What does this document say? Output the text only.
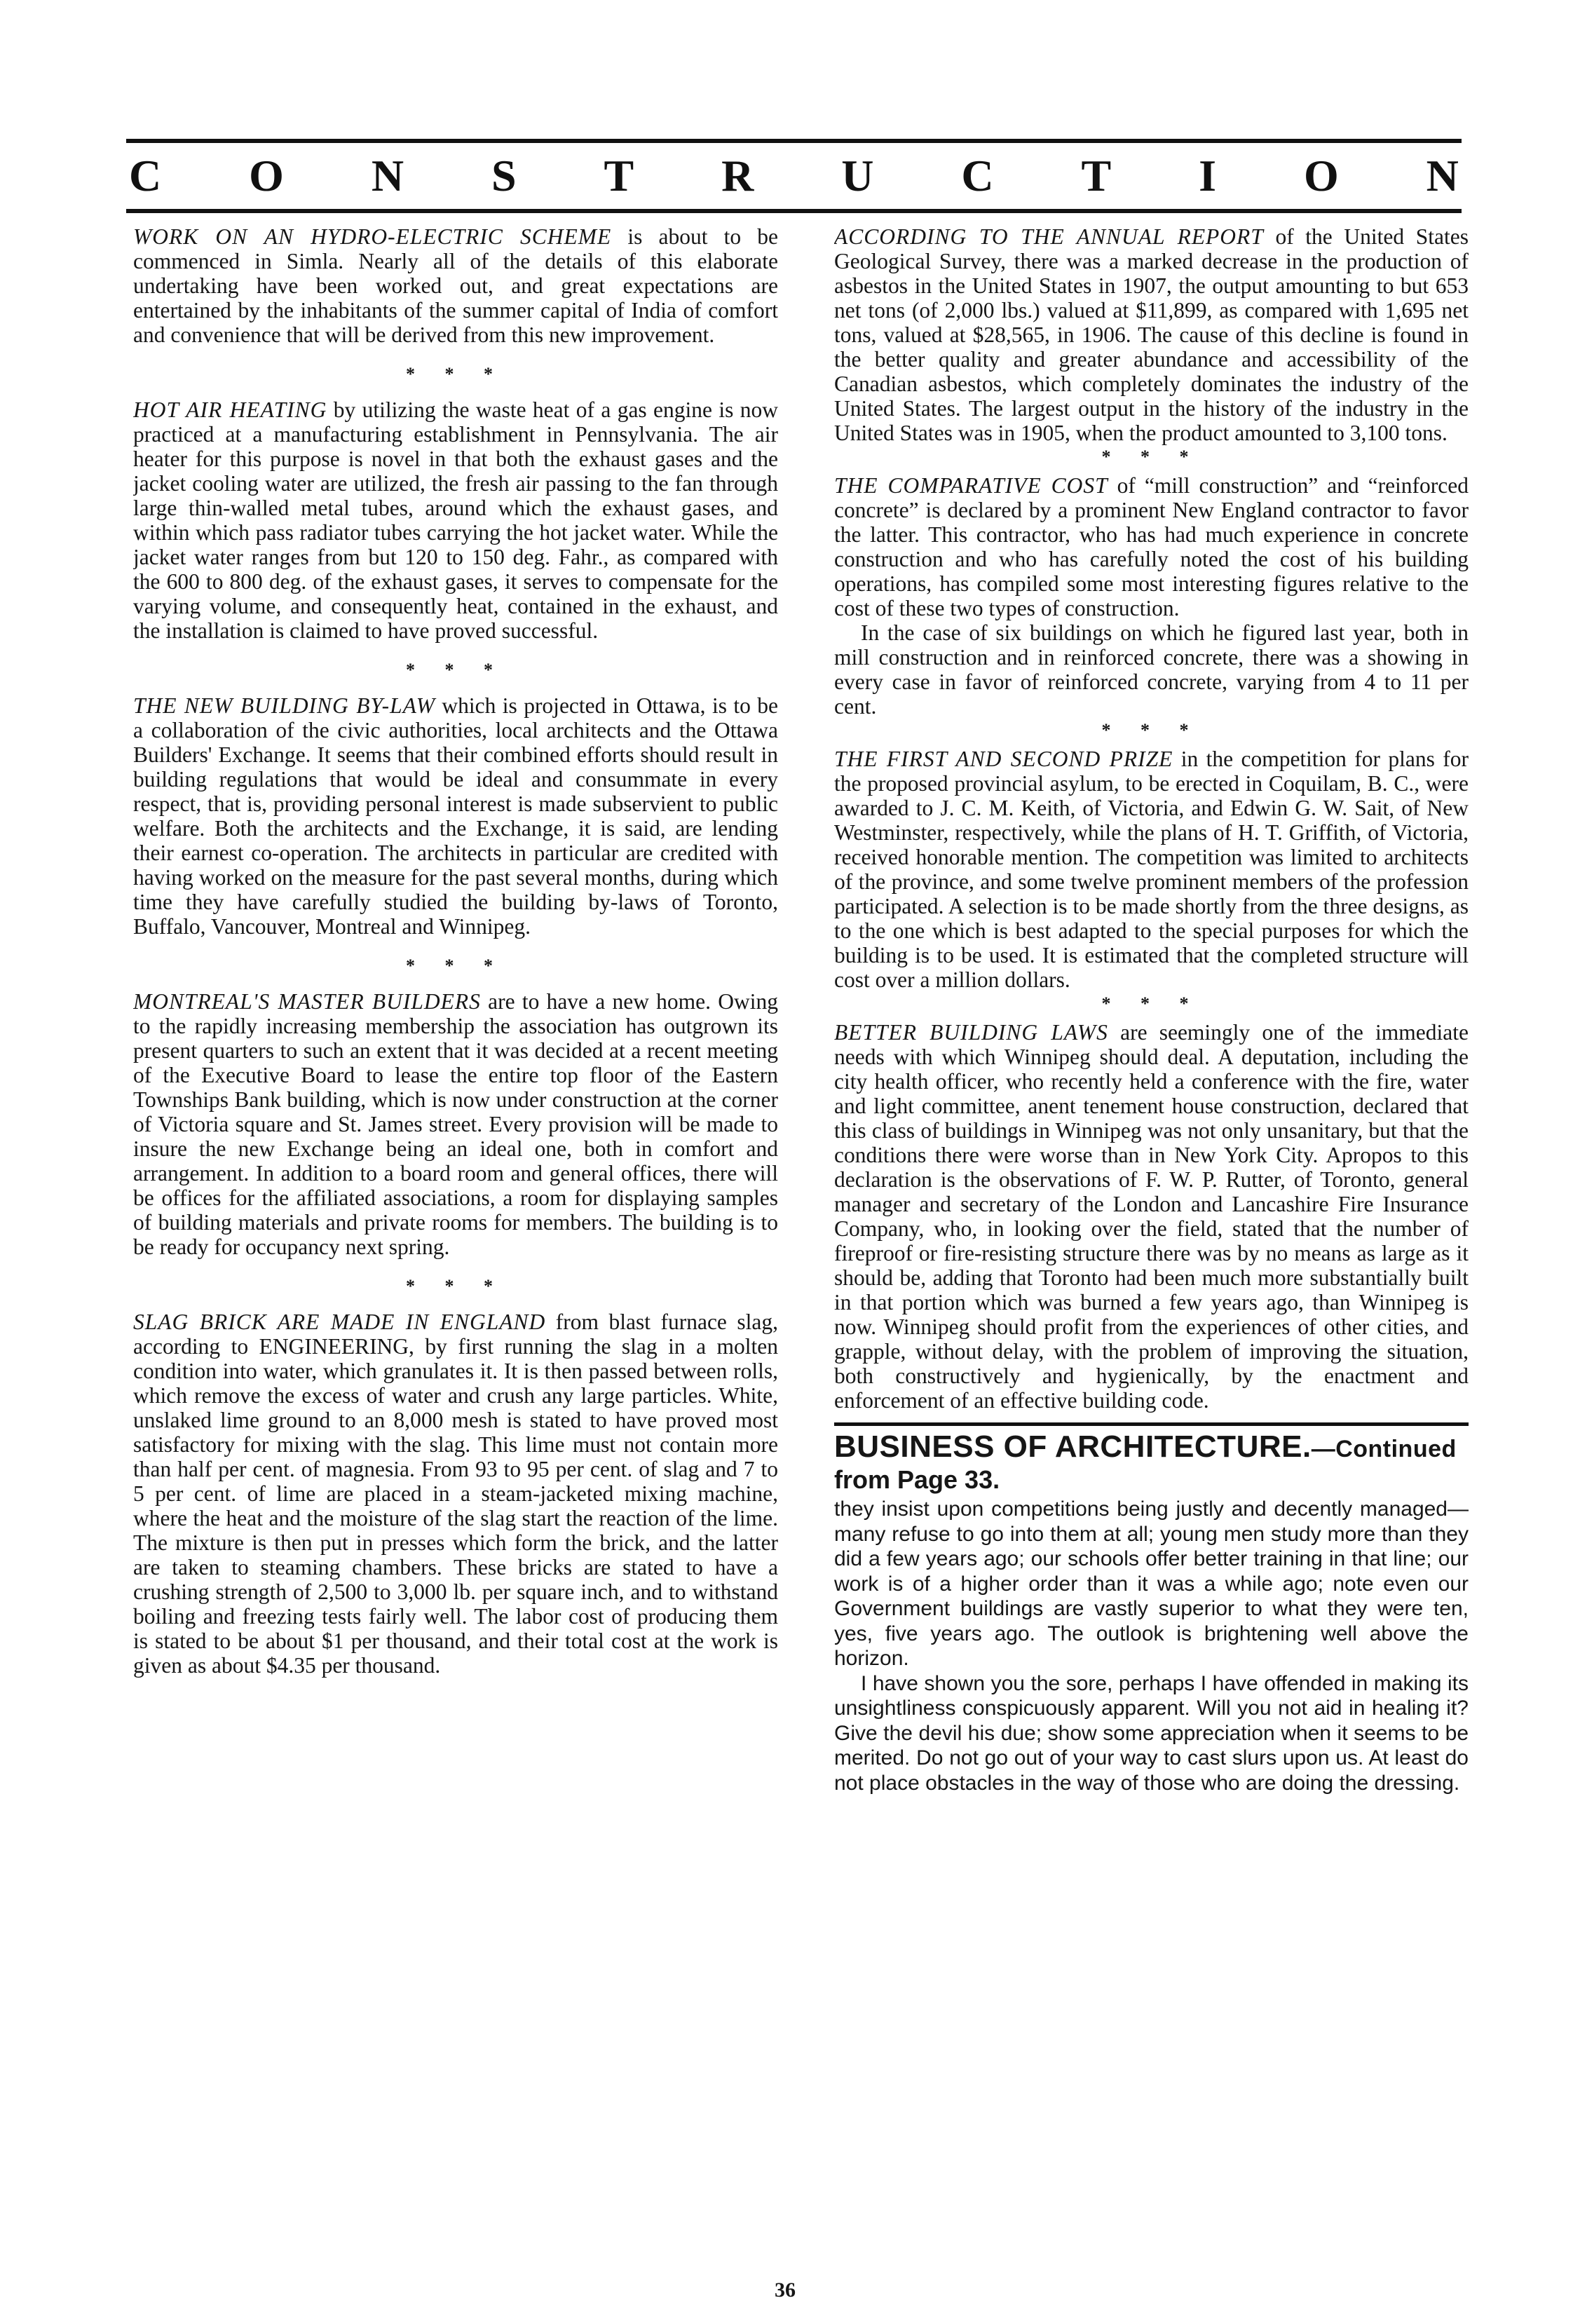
C O N S T R U C T I O N

WORK ON AN HYDRO-ELECTRIC SCHEME is about to be commenced in Simla. Nearly all of the details of this elaborate undertaking have been worked out, and great expectations are entertained by the inhabitants of the summer capital of India of comfort and convenience that will be derived from this new improvement.

* * *

HOT AIR HEATING by utilizing the waste heat of a gas engine is now practiced at a manufacturing establishment in Pennsylvania. The air heater for this purpose is novel in that both the exhaust gases and the jacket cooling water are utilized, the fresh air passing to the fan through large thin-walled metal tubes, around which the exhaust gases, and within which pass radiator tubes carrying the hot jacket water. While the jacket water ranges from but 120 to 150 deg. Fahr., as compared with the 600 to 800 deg. of the exhaust gases, it serves to compensate for the varying volume, and consequently heat, contained in the exhaust, and the installation is claimed to have proved successful.

* * *

THE NEW BUILDING BY-LAW which is projected in Ottawa, is to be a collaboration of the civic authorities, local architects and the Ottawa Builders' Exchange. It seems that their combined efforts should result in building regulations that would be ideal and consummate in every respect, that is, providing personal interest is made subservient to public welfare. Both the architects and the Exchange, it is said, are lending their earnest co-operation. The architects in particular are credited with having worked on the measure for the past several months, during which time they have carefully studied the building by-laws of Toronto, Buffalo, Vancouver, Montreal and Winnipeg.

* * *

MONTREAL'S MASTER BUILDERS are to have a new home. Owing to the rapidly increasing membership the association has outgrown its present quarters to such an extent that it was decided at a recent meeting of the Executive Board to lease the entire top floor of the Eastern Townships Bank building, which is now under construction at the corner of Victoria square and St. James street. Every provision will be made to insure the new Exchange being an ideal one, both in comfort and arrangement. In addition to a board room and general offices, there will be offices for the affiliated associations, a room for displaying samples of building materials and private rooms for members. The building is to be ready for occupancy next spring.

* * *

SLAG BRICK ARE MADE IN ENGLAND from blast furnace slag, according to ENGINEERING, by first running the slag in a molten condition into water, which granulates it. It is then passed between rolls, which remove the excess of water and crush any large particles. White, unslaked lime ground to an 8,000 mesh is stated to have proved most satisfactory for mixing with the slag. This lime must not contain more than half per cent. of magnesia. From 93 to 95 per cent. of slag and 7 to 5 per cent. of lime are placed in a steam-jacketed mixing machine, where the heat and the moisture of the slag start the reaction of the lime. The mixture is then put in presses which form the brick, and the latter are taken to steaming chambers. These bricks are stated to have a crushing strength of 2,500 to 3,000 lb. per square inch, and to withstand boiling and freezing tests fairly well. The labor cost of producing them is stated to be about $1 per thousand, and their total cost at the work is given as about $4.35 per thousand.

ACCORDING TO THE ANNUAL REPORT of the United States Geological Survey, there was a marked decrease in the production of asbestos in the United States in 1907, the output amounting to but 653 net tons (of 2,000 lbs.) valued at $11,899, as compared with 1,695 net tons, valued at $28,565, in 1906. The cause of this decline is found in the better quality and greater abundance and accessibility of the Canadian asbestos, which completely dominates the industry of the United States. The largest output in the history of the industry in the United States was in 1905, when the product amounted to 3,100 tons.

* * *

THE COMPARATIVE COST of “mill construction” and “reinforced concrete” is declared by a prominent New England contractor to favor the latter. This contractor, who has had much experience in concrete construction and who has carefully noted the cost of his building operations, has compiled some most interesting figures relative to the cost of these two types of construction.

In the case of six buildings on which he figured last year, both in mill construction and in reinforced concrete, there was a showing in every case in favor of reinforced concrete, varying from 4 to 11 per cent.

* * *

THE FIRST AND SECOND PRIZE in the competition for plans for the proposed provincial asylum, to be erected in Coquilam, B. C., were awarded to J. C. M. Keith, of Victoria, and Edwin G. W. Sait, of New Westminster, respectively, while the plans of H. T. Griffith, of Victoria, received honorable mention. The competition was limited to architects of the province, and some twelve prominent members of the profession participated. A selection is to be made shortly from the three designs, as to the one which is best adapted to the special purposes for which the building is to be used. It is estimated that the completed structure will cost over a million dollars.

* * *

BETTER BUILDING LAWS are seemingly one of the immediate needs with which Winnipeg should deal. A deputation, including the city health officer, who recently held a conference with the fire, water and light committee, anent tenement house construction, declared that this class of buildings in Winnipeg was not only unsanitary, but that the conditions there were worse than in New York City. Apropos to this declaration is the observations of F. W. P. Rutter, of Toronto, general manager and secretary of the London and Lancashire Fire Insurance Company, who, in looking over the field, stated that the number of fireproof or fire-resisting structure there was by no means as large as it should be, adding that Toronto had been much more substantially built in that portion which was burned a few years ago, than Winnipeg is now. Winnipeg should profit from the experiences of other cities, and grapple, without delay, with the problem of improving the situation, both constructively and hygienically, by the enactment and enforcement of an effective building code.

BUSINESS OF ARCHITECTURE.—Continued
from Page 33.

they insist upon competitions being justly and decently managed—many refuse to go into them at all; young men study more than they did a few years ago; our schools offer better training in that line; our work is of a higher order than it was a while ago; note even our Government buildings are vastly superior to what they were ten, yes, five years ago. The outlook is brightening well above the horizon.

I have shown you the sore, perhaps I have offended in making its unsightliness conspicuously apparent. Will you not aid in healing it? Give the devil his due; show some appreciation when it seems to be merited. Do not go out of your way to cast slurs upon us. At least do not place obstacles in the way of those who are doing the dressing.

36
